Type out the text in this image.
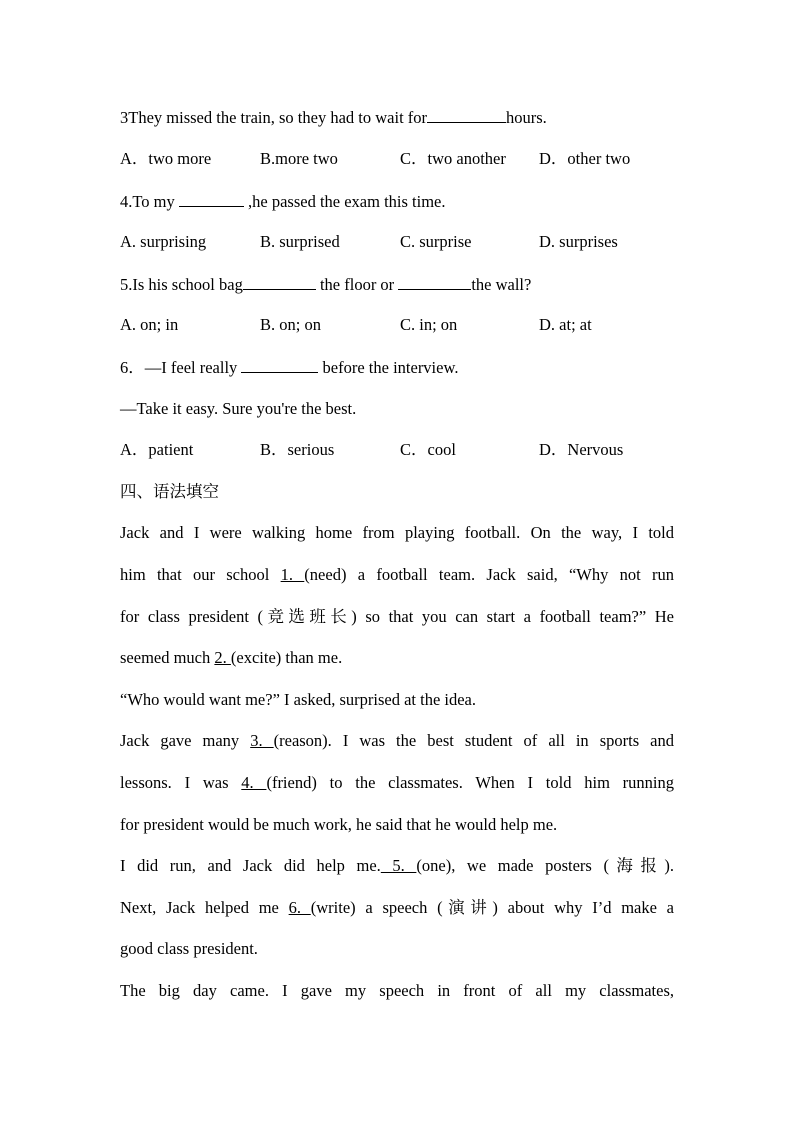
3They missed the train, so they had to wait for	hours.
A．two more	B.more two	C．two another D．other two
4.To my	,he passed the exam this time.
A. surprising	B. surprised	C. surprise	D. surprises
5.Is his school bag	the floor or	the wall?
A. on; in	B. on; on	C. in; on	D. at; at
6．—I feel really	before the interview.
—Take it easy. Sure you're the best.
A．patient	B．serious	C．cool	D．Nervous
四、语法填空
Jack and I were walking home from playing football. On the way, I told
him that our school 1. (need) a football team. Jack said, “Why not run
for class president (竞选班长) so that you can start a football team?” He
seemed much 2. (excite) than me.
“Who would want me?” I asked, surprised at the idea.
Jack gave many 3. (reason). I was the best student of all in sports and
lessons. I was 4. (friend) to the classmates. When I told him running
for president would be much work, he said that he would help me.
I did run, and Jack did help me. 5. (one), we made posters (海报).
Next, Jack helped me 6. (write) a speech (演讲) about why I’d make a
good class president.
The big day came. I gave my speech in front of all my classmates,
